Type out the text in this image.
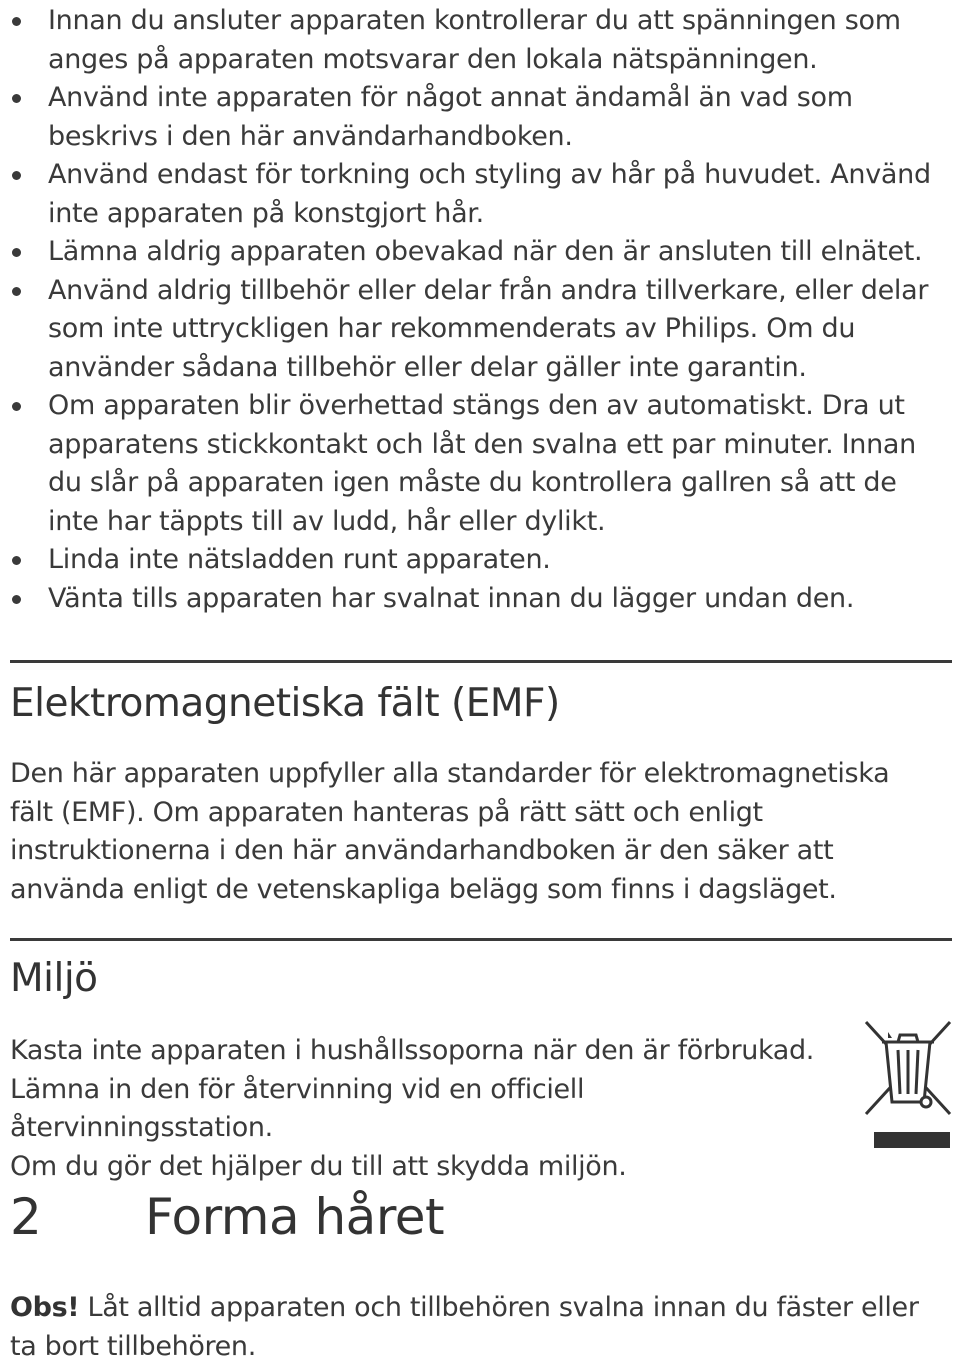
Innan du ansluter apparaten kontrollerar du att spänningen som anges på apparaten motsvarar den lokala nätspänningen.
Använd inte apparaten för något annat ändamål än vad som beskrivs i den här användarhandboken.
Använd endast för torkning och styling av hår på huvudet. Använd inte apparaten på konstgjort hår.
Lämna aldrig apparaten obevakad när den är ansluten till elnätet.
Använd aldrig tillbehör eller delar från andra tillverkare, eller delar som inte uttryckligen har rekommenderats av Philips. Om du använder sådana tillbehör eller delar gäller inte garantin.
Om apparaten blir överhettad stängs den av automatiskt. Dra ut apparatens stickkontakt och låt den svalna ett par minuter. Innan du slår på apparaten igen måste du kontrollera gallren så att de inte har täppts till av ludd, hår eller dylikt.
Linda inte nätsladden runt apparaten.
Vänta tills apparaten har svalnat innan du lägger undan den.
Elektromagnetiska fält (EMF)

Den här apparaten uppfyller alla standarder för elektromagnetiska fält (EMF). Om apparaten hanteras på rätt sätt och enligt instruktionerna i den här användarhandboken är den säker att använda enligt de vetenskapliga belägg som finns i dagsläget.

Miljö
Kasta inte apparaten i hushållssoporna när den är förbrukad.
Lämna in den för återvinning vid en officiell återvinningsstation.
Om du gör det hjälper du till att skydda miljön.
2 Forma håret

Obs! Låt alltid apparaten och tillbehören svalna innan du fäster eller ta bort tillbehören.
